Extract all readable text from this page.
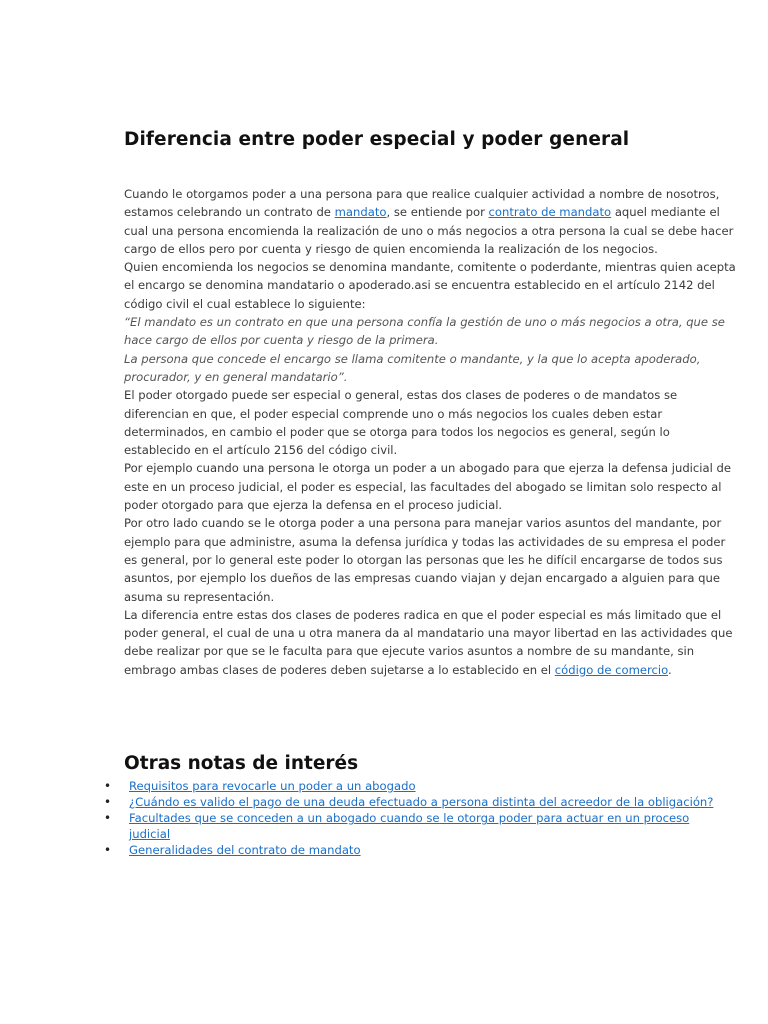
Diferencia entre poder especial y poder general

Cuando le otorgamos poder a una persona para que realice cualquier actividad a nombre de nosotros, estamos celebrando un contrato de mandato, se entiende por contrato de mandato aquel mediante el cual una persona encomienda la realización de uno o más negocios a otra persona la cual se debe hacer cargo de ellos pero por cuenta y riesgo de quien encomienda la realización de los negocios.

Quien encomienda los negocios se denomina mandante, comitente o poderdante, mientras quien acepta el encargo se denomina mandatario o apoderado.asi se encuentra establecido en el artículo 2142 del código civil el cual establece lo siguiente:

“El mandato es un contrato en que una persona confía la gestión de uno o más negocios a otra, que se hace cargo de ellos por cuenta y riesgo de la primera.

La persona que concede el encargo se llama comitente o mandante, y la que lo acepta apoderado, procurador, y en general mandatario”.

El poder otorgado puede ser especial o general, estas dos clases de poderes o de mandatos se diferencian en que, el poder especial comprende uno o más negocios los cuales deben estar determinados, en cambio el poder que se otorga para todos los negocios es general, según lo establecido en el artículo 2156 del código civil.

Por ejemplo cuando una persona le otorga un poder a un abogado para que ejerza la defensa judicial de este en un proceso judicial, el poder es especial, las facultades del abogado se limitan solo respecto al poder otorgado para que ejerza la defensa en el proceso judicial.

Por otro lado cuando se le otorga poder a una persona para manejar varios asuntos del mandante, por ejemplo para que administre, asuma la defensa jurídica y todas las actividades de su empresa el poder es general, por lo general este poder lo otorgan las personas que les he difícil encargarse de todos sus asuntos, por ejemplo los dueños de las empresas cuando viajan y dejan encargado a alguien para que asuma su representación.

La diferencia entre estas dos clases de poderes radica en que el poder especial es más limitado que el poder general, el cual de una u otra manera da al mandatario una mayor libertad en las actividades que debe realizar por que se le faculta para que ejecute varios asuntos a nombre de su mandante, sin embrago ambas clases de poderes deben sujetarse a lo establecido en el código de comercio.

Otras notas de interés
• Requisitos para revocarle un poder a un abogado
• ¿Cuándo es valido el pago de una deuda efectuado a persona distinta del acreedor de la obligación?
• Facultades que se conceden a un abogado cuando se le otorga poder para actuar en un proceso judicial
• Generalidades del contrato de mandato
